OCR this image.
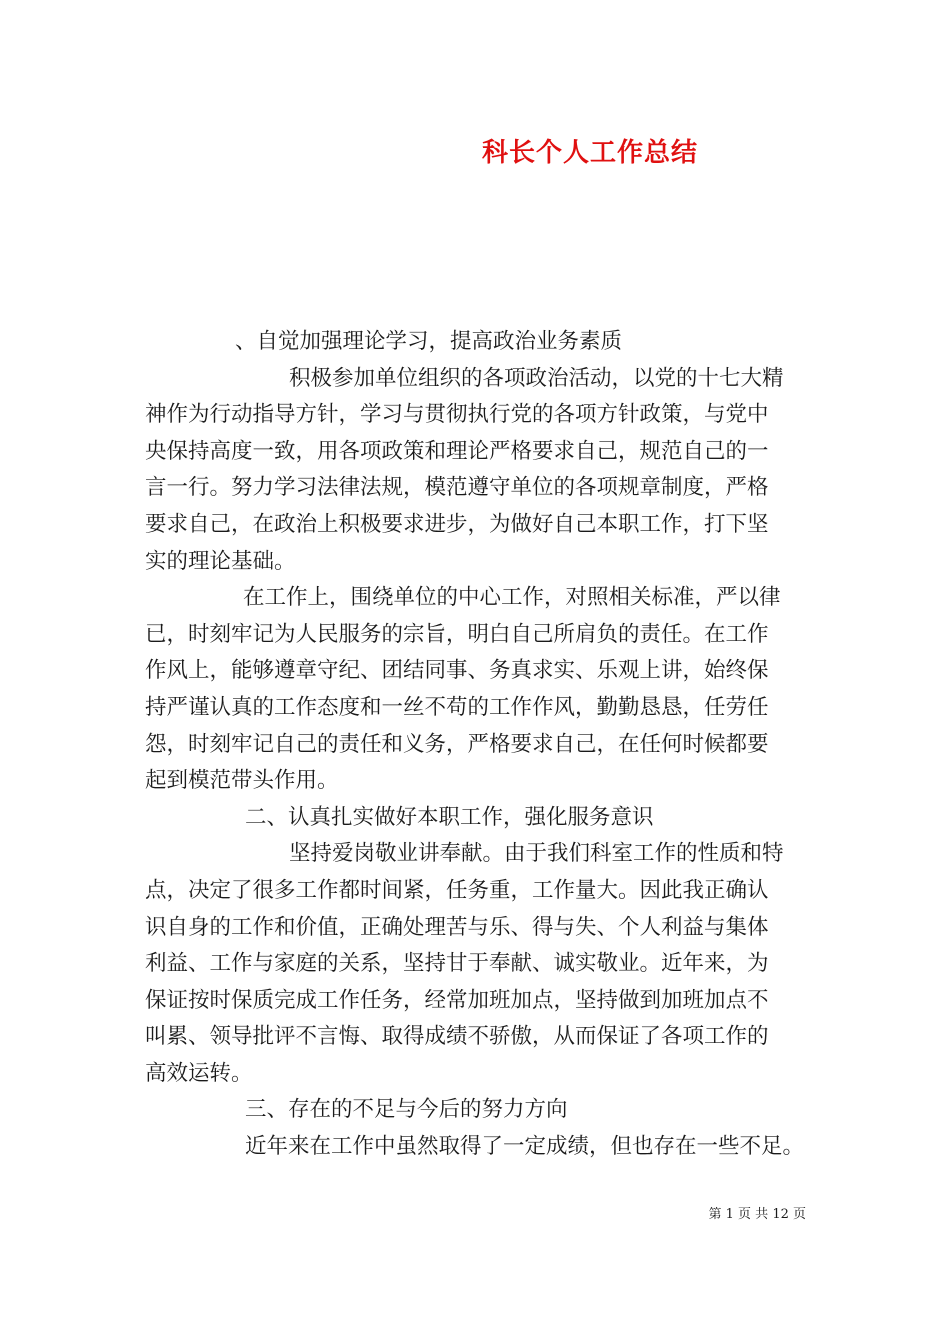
科长个人工作总结

、自觉加强理论学习，提高政治业务素质

积极参加单位组织的各项政治活动，以党的十七大精

神作为行动指导方针，学习与贯彻执行党的各项方针政策，与党中

央保持高度一致，用各项政策和理论严格要求自己，规范自己的一

言一行。努力学习法律法规，模范遵守单位的各项规章制度，严格

要求自己，在政治上积极要求进步，为做好自己本职工作，打下坚

实的理论基础。

在工作上，围绕单位的中心工作，对照相关标准，严以律

已，时刻牢记为人民服务的宗旨，明白自己所肩负的责任。在工作

作风上，能够遵章守纪、团结同事、务真求实、乐观上讲，始终保

持严谨认真的工作态度和一丝不苟的工作作风，勤勤恳恳，任劳任

怨，时刻牢记自己的责任和义务，严格要求自己，在任何时候都要

起到模范带头作用。

二、认真扎实做好本职工作，强化服务意识

坚持爱岗敬业讲奉献。由于我们科室工作的性质和特

点，决定了很多工作都时间紧，任务重，工作量大。因此我正确认

识自身的工作和价值，正确处理苦与乐、得与失、个人利益与集体

利益、工作与家庭的关系，坚持甘于奉献、诚实敬业。近年来，为

保证按时保质完成工作任务，经常加班加点，坚持做到加班加点不

叫累、领导批评不言悔、取得成绩不骄傲，从而保证了各项工作的

高效运转。

三、存在的不足与今后的努力方向

近年来在工作中虽然取得了一定成绩，但也存在一些不足。

第 1 页 共 12 页
